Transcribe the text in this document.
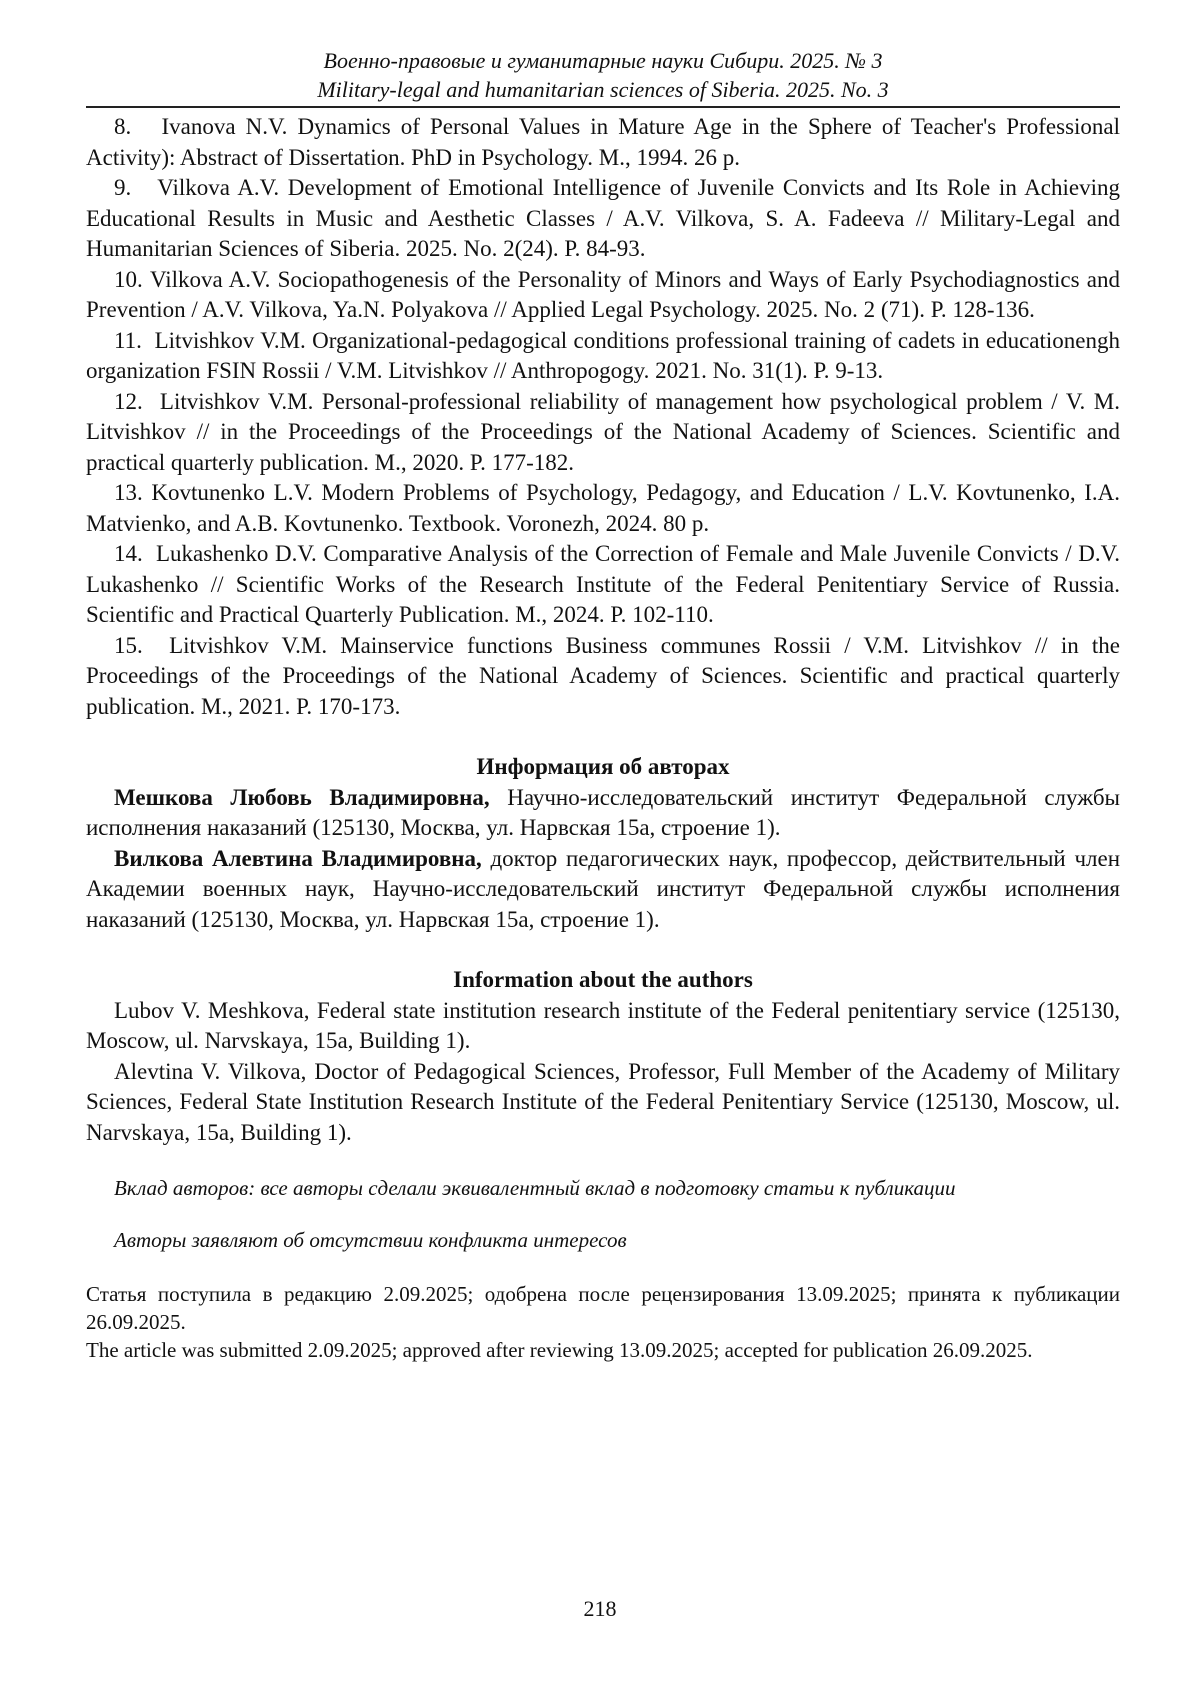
Военно-правовые и гуманитарные науки Сибири. 2025. № 3
Military-legal and humanitarian sciences of Siberia. 2025. No. 3

8. Ivanova N.V. Dynamics of Personal Values in Mature Age in the Sphere of Teacher's Professional Activity): Abstract of Dissertation. PhD in Psychology. M., 1994. 26 p.

9. Vilkova A.V. Development of Emotional Intelligence of Juvenile Convicts and Its Role in Achieving Educational Results in Music and Aesthetic Classes / A.V. Vilkova, S. A. Fadeeva // Military-Legal and Humanitarian Sciences of Siberia. 2025. No. 2(24). P. 84-93.

10. Vilkova A.V. Sociopathogenesis of the Personality of Minors and Ways of Early Psychodiagnostics and Prevention / A.V. Vilkova, Ya.N. Polyakova // Applied Legal Psychology. 2025. No. 2 (71). P. 128-136.

11. Litvishkov V.M. Organizational-pedagogical conditions professional training of cadets in educationengh organization FSIN Rossii / V.M. Litvishkov // Anthropogogy. 2021. No. 31(1). P. 9-13.

12. Litvishkov V.M. Personal-professional reliability of management how psychological problem / V. M. Litvishkov // in the Proceedings of the Proceedings of the National Academy of Sciences. Scientific and practical quarterly publication. M., 2020. P. 177-182.

13. Kovtunenko L.V. Modern Problems of Psychology, Pedagogy, and Education / L.V. Kovtunenko, I.A. Matvienko, and A.B. Kovtunenko. Textbook. Voronezh, 2024. 80 p.

14. Lukashenko D.V. Comparative Analysis of the Correction of Female and Male Juvenile Convicts / D.V. Lukashenko // Scientific Works of the Research Institute of the Federal Penitentiary Service of Russia. Scientific and Practical Quarterly Publication. M., 2024. P. 102-110.

15. Litvishkov V.M. Mainservice functions Business communes Rossii / V.M. Litvishkov // in the Proceedings of the Proceedings of the National Academy of Sciences. Scientific and practical quarterly publication. M., 2021. P. 170-173.

Информация об авторах

Мешкова Любовь Владимировна, Научно-исследовательский институт Федеральной службы исполнения наказаний (125130, Москва, ул. Нарвская 15а, строение 1).

Вилкова Алевтина Владимировна, доктор педагогических наук, профессор, действительный член Академии военных наук, Научно-исследовательский институт Федеральной службы исполнения наказаний (125130, Москва, ул. Нарвская 15а, строение 1).

Information about the authors

Lubov V. Meshkova, Federal state institution research institute of the Federal penitentiary service (125130, Moscow, ul. Narvskaya, 15a, Building 1).

Alevtina V. Vilkova, Doctor of Pedagogical Sciences, Professor, Full Member of the Academy of Military Sciences, Federal State Institution Research Institute of the Federal Penitentiary Service (125130, Moscow, ul. Narvskaya, 15a, Building 1).

Вклад авторов: все авторы сделали эквивалентный вклад в подготовку статьи к публикации

Авторы заявляют об отсутствии конфликта интересов

Статья поступила в редакцию 2.09.2025; одобрена после рецензирования 13.09.2025; принята к публикации 26.09.2025.

The article was submitted 2.09.2025; approved after reviewing 13.09.2025; accepted for publication 26.09.2025.

218
